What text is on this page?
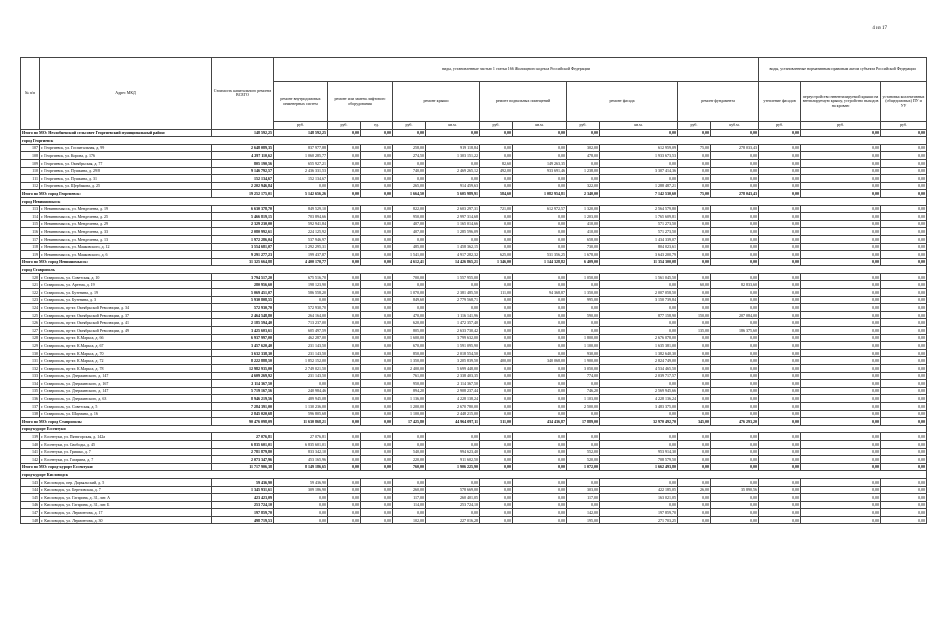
4 из 17
№ п/п	Адрес МКД	Стоимость капитального ремонта ВСЕГО	виды, установленные частью 1 статьи 166 Жилищного кодекса Российской Федерации											виды, установленные нормативным правовым актом субъекта Российской Федерации			
			ремонт внутридомовых инженерных систем	ремонт или замена лифтового оборудования		ремонт крыши		ремонт подвальных помещений		ремонт фасада		ремонт фундамента		утепление фасадов	переустройство невентилируемой крыши на вентилируемую крышу, устройство выходов на кровлю	установка коллективных (общедомовых) ПУ и УУ	
			руб.	руб.	ед.	руб.	кв.м.	руб.	кв.м.	руб.	кв.м.	руб.	куб.м.	руб.	руб.	руб.	
Итого по МО: Незлобненский сельсовет Георгиевский муниципальный район:		148 592,25	148 592,25	0,00	0,00	0,00	0,00	0,00	0,00	0,00	0,00	0,00	0,00	0,00	0,00	0,00	
город Георгиевск																	
107	г. Георгиевск, ул. Госпитальная, д. 99	2 648 089,35	837 977,88	0,00	0,00	258,00	919 118,84	0,00	0,00	302,00	612 959,09	75,00	278 033,43	0,00	0,00	0,00	
108	г. Георгиевск, ул. Корова, д. 176	4 297 110,62	1 060 285,77	0,00	0,00	274,50	1 303 151,22	0,00	0,00	478,00	1 933 673,53	0,00	0,00	0,00	0,00	0,00	
109	г. Георгиевск, ул. Октябрьская, д. 77	805 190,56	655 927,21	0,00	0,00	0,00	0,00	82,60	149 263,35	0,00	0,00	0,00	0,00	0,00	0,00	0,00	
110	г. Георгиевск, ул. Пушкина, д. 29/8	9 146 792,57	2 436 331,53	0,00	0,00	740,00	2 469 265,12	492,00	933 691,46	1 238,00	3 307 414,36	0,00	0,00	0,00	0,00	0,00	
111	г. Георгиевск, ул. Пушкина, д. 31	152 134,67	152 134,67	0,00	0,00	0,00	0,00	0,00	0,00	0,00	0,00	0,00	0,00	0,00	0,00	0,00	
112	г. Георгиевск, ул. Щербакова, д. 25	2 202 946,84	0,00	0,00	0,00	265,00	914 459,63	0,00	0,00	322,00	1 288 487,21	0,00	0,00	0,00	0,00	0,00	
Итого по МО: город Георгиевск:		19 252 175,01	5 142 656,26	0,00	0,00	1 664,50	5 605 989,91	584,60	1 082 954,81	2 340,00	7 142 530,60	75,00	278 043,43	0,00	0,00	0,00	
город Невинномысск																	
113	г. Невинномысск, ул. Менделеева, д. 19	6 630 378,70	849 529,10	0,00	0,00	822,00	2 603 297,31	721,00	612 972,57	1 320,00	2 564 579,80	0,00	0,00	0,00	0,00	0,00	
114	г. Невинномысск, ул. Менделеева, д. 25	5 466 819,15	703 894,66	0,00	0,00	950,00	2 997 314,68	0,00	0,00	1 203,00	1 765 609,81	0,00	0,00	0,00	0,00	0,00	
115	г. Невинномысск, ул. Менделеева, д. 29	2 329 230,00	592 941,84	0,00	0,00	407,00	1 165 014,66	0,00	0,00	410,00	571 273,50	0,00	0,00	0,00	0,00	0,00	
116	г. Невинномысск, ул. Менделеева, д. 33	2 080 992,61	224 125,92	0,00	0,00	407,00	1 285 596,09	0,00	0,00	410,00	571 273,50	0,00	0,00	0,00	0,00	0,00	
117	г. Невинномысск, ул. Менделеева, д. 13	1 972 286,04	537 946,97	0,00	0,00	0,00	0,00	0,00	0,00	658,00	1 434 339,07	0,00	0,00	0,00	0,00	0,00	
118	г. Невинномысск, ул. Маяковского, д. 12	3 554 681,07	1 292 295,31	0,00	0,00	485,00	1 458 362,15	0,00	0,00	730,00	804 023,61	0,00	0,00	0,00	0,00	0,00	
119	г. Невинномысск, ул. Маяковского, д. 6	9 291 277,23	199 437,87	0,00	0,00	1 541,00	4 917 282,32	625,00	531 356,25	1 678,00	3 643 200,79	0,00	0,00	0,00	0,00	0,00	
Итого по МО: город Невинномысск:		31 325 664,88	4 400 170,77	0,00	0,00	4 612,41	14 426 865,21	1 346,00	1 144 328,82	6 409,00	11 354 300,08	0,00	0,00	0,00	0,00	0,00	
город Ставрополь																	
120	г. Ставрополь, ул. Советская, д. 10	3 794 517,20	675 516,70	0,00	0,00	700,00	1 557 955,00	0,00	0,00	1 050,00	1 561 045,50	0,00	0,00	0,00	0,00	0,00	
121	г. Ставрополь, ул. Артема, д. 19	280 956,60	198 123,90	0,00	0,00	0,00	0,00	0,00	0,00	0,00	0,00	60,00	82 833,60	0,00	0,00	0,00	
122	г. Ставрополь, ул. Бутенина, д. 19	5 069 451,07	586 558,20	0,00	0,00	1 070,00	2 381 485,50	111,00	94 368,87	1 350,00	2 007 058,50	0,00	0,00	0,00	0,00	0,00	
123	г. Ставрополь, ул. Бутенина, д. 3	5 930 808,55	0,00	0,00	0,00	849,60	2 779 568,71	0,00	0,00	995,00	3 150 739,84	0,00	0,00	0,00	0,00	0,00	
124	г. Ставрополь, пр-кт. Октябрьской Революции, д. 34	572 930,70	572 930,70	0,00	0,00	0,00	0,00	0,00	0,00	0,00	0,00	0,00	0,00	0,00	0,00	0,00	
125	г. Ставрополь, пр-кт. Октябрьской Революции, д. 37	2 464 548,80	264 164,00	0,00	0,00	470,00	1 116 141,96	0,00	0,00	590,00	877 158,90	150,00	207 084,00	0,00	0,00	0,00	
126	г. Ставрополь, пр-кт. Октябрьской Революции, д. 41	2 185 594,40	713 237,00	0,00	0,00	620,00	1 472 357,40	0,00	0,00	0,00	0,00	0,00	0,00	0,00	0,00	0,00	
127	г. Ставрополь, пр-кт. Октябрьской Революции, д. 49	3 425 603,61	605 497,59	0,00	0,00	805,00	2 633 730,42	0,00	0,00	0,00	0,00	135,00	186 375,60	0,00	0,00	0,00	
128	г. Ставрополь, пр-кт. К.Маркса, д. 66	6 937 997,00	462 287,00	0,00	0,00	1 600,00	3 799 632,00	0,00	0,00	1 800,00	2 676 078,00	0,00	0,00	0,00	0,00	0,00	
129	г. Ставрополь, пр-кт. К.Маркса, д. 67	3 457 620,40	231 143,50	0,00	0,00	670,00	1 591 095,90	0,00	0,00	1 100,00	1 635 381,00	0,00	0,00	0,00	0,00	0,00	
130	г. Ставрополь, пр-кт. К.Маркса, д. 70	3 632 338,30	231 143,50	0,00	0,00	850,00	2 018 554,50	0,00	0,00	930,00	1 382 640,30	0,00	0,00	0,00	0,00	0,00	
131	г. Ставрополь, пр-кт. К.Маркса, д. 72	8 222 888,50	1 852 152,00	0,00	0,00	1 350,00	3 205 839,50	400,00	340 068,00	1 900,00	2 824 749,00	0,00	0,00	0,00	0,00	0,00	
132	г. Ставрополь, пр-кт. К.Маркса, д. 78	12 982 935,00	2 749 021,50	0,00	0,00	2 400,00	5 699 448,00	0,00	0,00	3 050,00	4 534 465,50	0,00	0,00	0,00	0,00	0,00	
133	г. Ставрополь, ул. Дзержинского, д. 147	4 609 269,92	231 143,50	0,00	0,00	761,00	2 338 403,35	0,00	0,00	774,00	2 039 717,57	0,00	0,00	0,00	0,00	0,00	
134	г. Ставрополь, ул. Дзержинского, д. 167	2 114 367,50	0,00	0,00	0,00	950,00	2 114 367,50	0,00	0,00	0,00	0,00	0,00	0,00	0,00	0,00	0,00	
135	г. Ставрополь, ул. Дзержинского, д. 147	5 719 167,56	240 984,46	0,00	0,00	894,20	2 908 237,44	0,00	0,00	746,20	2 569 945,66	0,00	0,00	0,00	0,00	0,00	
136	г. Ставрополь, ул. Дзержинского, д. 63	8 946 219,56	489 945,08	0,00	0,00	1 136,00	4 228 138,24	0,00	0,00	1 103,00	4 228 136,24	0,00	0,00	0,00	0,00	0,00	
137	г. Ставрополь, ул. Советская, д. 5	7 284 391,00	1 130 236,00	0,00	0,00	1 200,00	2 670 780,00	0,00	0,00	2 500,00	3 483 375,00	0,00	0,00	0,00	0,00	0,00	
138	г. Ставрополь, ул. Шаумяна, д. 16	2 845 020,68	596 805,68	0,00	0,00	1 100,00	2 448 215,00	0,00	0,00	0,00	0,00	0,00	0,00	0,00	0,00	0,00	
Итого по МО: город Ставрополь:		90 476 098,09	11 630 868,21	0,00	0,00	17 425,80	44 964 097,11	511,00	434 436,87	17 889,00	32 970 492,70	345,00	476 293,20	0,00	0,00	0,00	
город-курорт Ессентуки																	
139	г. Ессентуки, ул. Пятигорская, д. 142а	27 076,81	27 076,81	0,00	0,00	0,00	0,00	0,00	0,00	0,00	0,00	0,00	0,00	0,00	0,00	0,00	
140	г. Ессентуки, ул. Свободы, д. 45	6 835 601,01	6 835 601,01	0,00	0,00	0,00	0,00	0,00	0,00	0,00	0,00	0,00	0,00	0,00	0,00	0,00	
141	г. Ессентуки, ул. Гришко, д. 7	2 781 879,80	833 342,10	0,00	0,00	540,00	994 623,40	0,00	0,00	552,00	953 914,30	0,00	0,00	0,00	0,00	0,00	
142	г. Ессентуки, ул. Гагарина, д. 7	2 073 347,96	453 165,96	0,00	0,00	220,00	911 602,50	0,00	0,00	520,00	708 579,50	0,00	0,00	0,00	0,00	0,00	
Итого по МО: город-курорт Ессентуки:		11 717 906,38	8 149 186,65	0,00	0,00	760,00	1 906 225,90	0,00	0,00	1 072,00	1 662 493,80	0,00	0,00	0,00	0,00	0,00	
город-курорт Кисловодск																	
143	г. Кисловодск, пер. Дарьяльский, д. 5	59 436,90	59 436,90	0,00	0,00	0,00	0,00	0,00	0,00	0,00	0,00	0,00	0,00	0,00	0,00	0,00	
144	г. Кисловодск, ул. Березовская, д. 7	1 345 931,61	309 186,90	0,00	0,00	260,00	578 669,00	0,00	0,00	303,00	422 185,05	26,00	35 890,56	0,00	0,00	0,00	
145	г. Кисловодск, ул. Гагарина, д. 31, лит. А	423 423,09	0,00	0,00	0,00	117,00	260 401,05	0,00	0,00	117,00	163 021,05	0,00	0,00	0,00	0,00	0,00	
146	г. Кисловодск, ул. Гагарина, д. 31, лит. Б	253 724,10	0,00	0,00	0,00	114,00	253 724,10	0,00	0,00	0,00	0,00	0,00	0,00	0,00	0,00	0,00	
147	г. Кисловодск, ул. Лермонтова, д. 17	197 859,70	0,00	0,00	0,00	0,00	0,00	0,00	0,00	142,00	197 859,70	0,00	0,00	0,00	0,00	0,00	
148	г. Кисловодск, ул. Лермонтова, д. 30	498 719,53	0,00	0,00	0,00	102,00	227 016,28	0,00	0,00	195,00	271 703,25	0,00	0,00	0,00	0,00	0,00	
